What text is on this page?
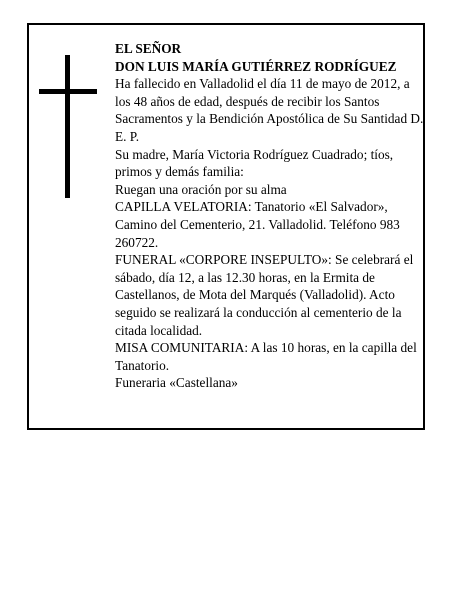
EL SEÑOR

DON LUIS MARÍA GUTIÉRREZ RODRÍGUEZ

Ha fallecido en Valladolid el día 11 de mayo de 2012, a los 48 años de edad, después de recibir los Santos Sacramentos y la Bendición Apostólica de Su Santidad D. E. P.

Su madre, María Victoria Rodríguez Cuadrado; tíos, primos y demás familia:

Ruegan una oración por su alma

CAPILLA VELATORIA: Tanatorio «El Salvador», Camino del Cementerio, 21. Valladolid. Teléfono 983 260722.

FUNERAL «CORPORE INSEPULTO»: Se celebrará el sábado, día 12, a las 12.30 horas, en la Ermita de Castellanos, de Mota del Marqués (Valladolid). Acto seguido se realizará la conducción al cementerio de la citada localidad.

MISA COMUNITARIA: A las 10 horas, en la capilla del Tanatorio.

Funeraria «Castellana»
